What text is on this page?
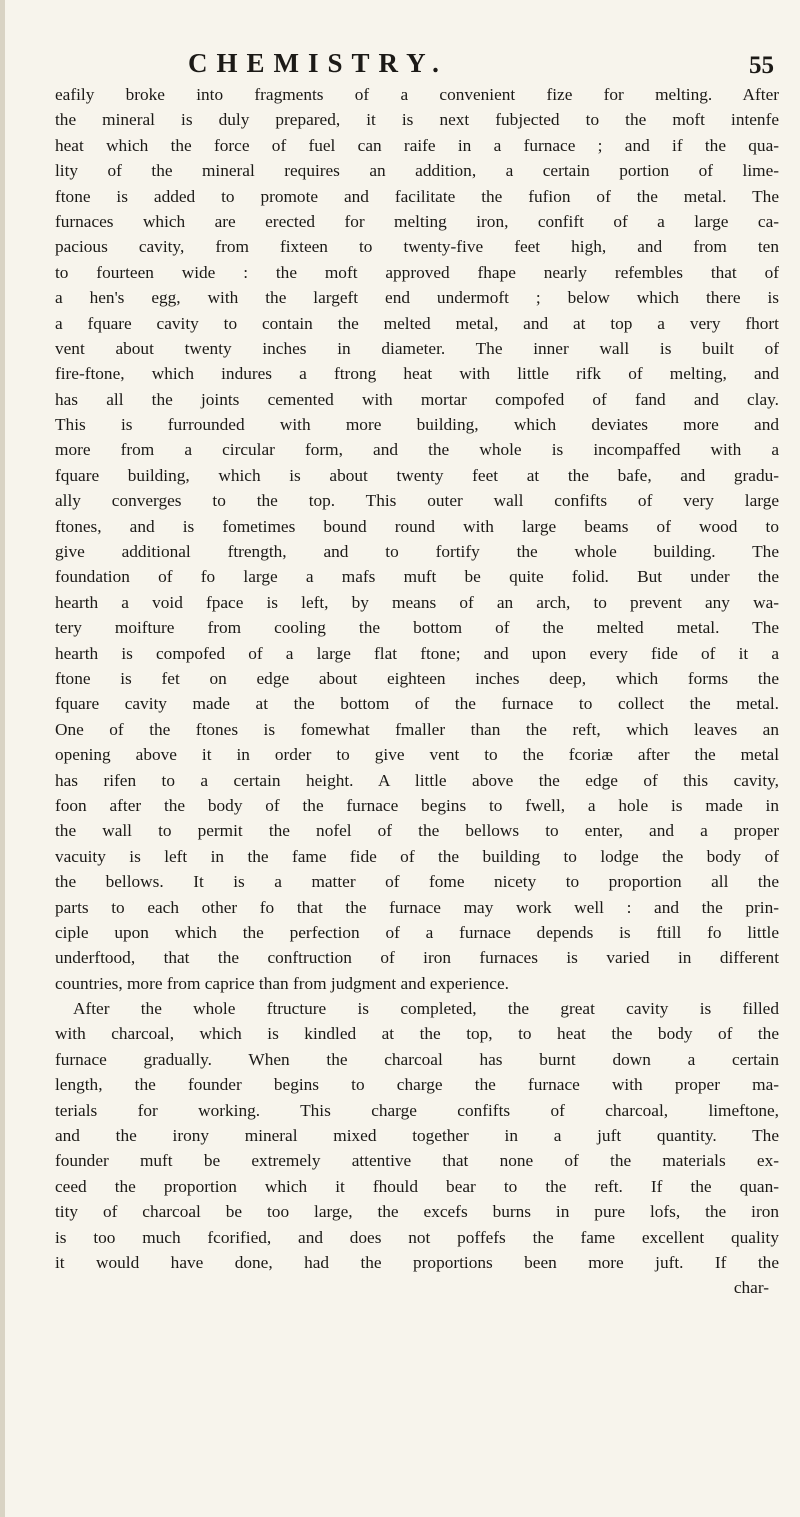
CHEMISTRY.	55
eafily broke into fragments of a convenient fize for melting. After
the mineral is duly prepared, it is next fubjected to the moft intenfe
heat which the force of fuel can raife in a furnace ; and if the qua-
lity of the mineral requires an addition, a certain portion of lime-
ftone is added to promote and facilitate the fufion of the metal. The
furnaces which are erected for melting iron, confift of a large ca-
pacious cavity, from fixteen to twenty-five feet high, and from ten
to fourteen wide : the moft approved fhape nearly refembles that of
a hen's egg, with the largeft end undermoft ; below which there is
a fquare cavity to contain the melted metal, and at top a very fhort
vent about twenty inches in diameter. The inner wall is built of
fire-ftone, which indures a ftrong heat with little rifk of melting, and
has all the joints cemented with mortar compofed of fand and clay.
This is furrounded with more building, which deviates more and
more from a circular form, and the whole is incompaffed with a
fquare building, which is about twenty feet at the bafe, and gradu-
ally converges to the top. This outer wall confifts of very large
ftones, and is fometimes bound round with large beams of wood to
give additional ftrength, and to fortify the whole building. The
foundation of fo large a mafs muft be quite folid. But under the
hearth a void fpace is left, by means of an arch, to prevent any wa-
tery moifture from cooling the bottom of the melted metal. The
hearth is compofed of a large flat ftone; and upon every fide of it a
ftone is fet on edge about eighteen inches deep, which forms the
fquare cavity made at the bottom of the furnace to collect the metal.
One of the ftones is fomewhat fmaller than the reft, which leaves an
opening above it in order to give vent to the fcoriæ after the metal
has rifen to a certain height. A little above the edge of this cavity,
foon after the body of the furnace begins to fwell, a hole is made in
the wall to permit the nofel of the bellows to enter, and a proper
vacuity is left in the fame fide of the building to lodge the body of
the bellows. It is a matter of fome nicety to proportion all the
parts to each other fo that the furnace may work well : and the prin-
ciple upon which the perfection of a furnace depends is ftill fo little
underftood, that the conftruction of iron furnaces is varied in different
countries, more from caprice than from judgment and experience.
After the whole ftructure is completed, the great cavity is filled
with charcoal, which is kindled at the top, to heat the body of the
furnace gradually. When the charcoal has burnt down a certain
length, the founder begins to charge the furnace with proper ma-
terials for working. This charge confifts of charcoal, limeftone,
and the irony mineral mixed together in a juft quantity. The
founder muft be extremely attentive that none of the materials ex-
ceed the proportion which it fhould bear to the reft. If the quan-
tity of charcoal be too large, the excefs burns in pure lofs, the iron
is too much fcorified, and does not poffefs the fame excellent quality
it would have done, had the proportions been more juft. If the
char-
